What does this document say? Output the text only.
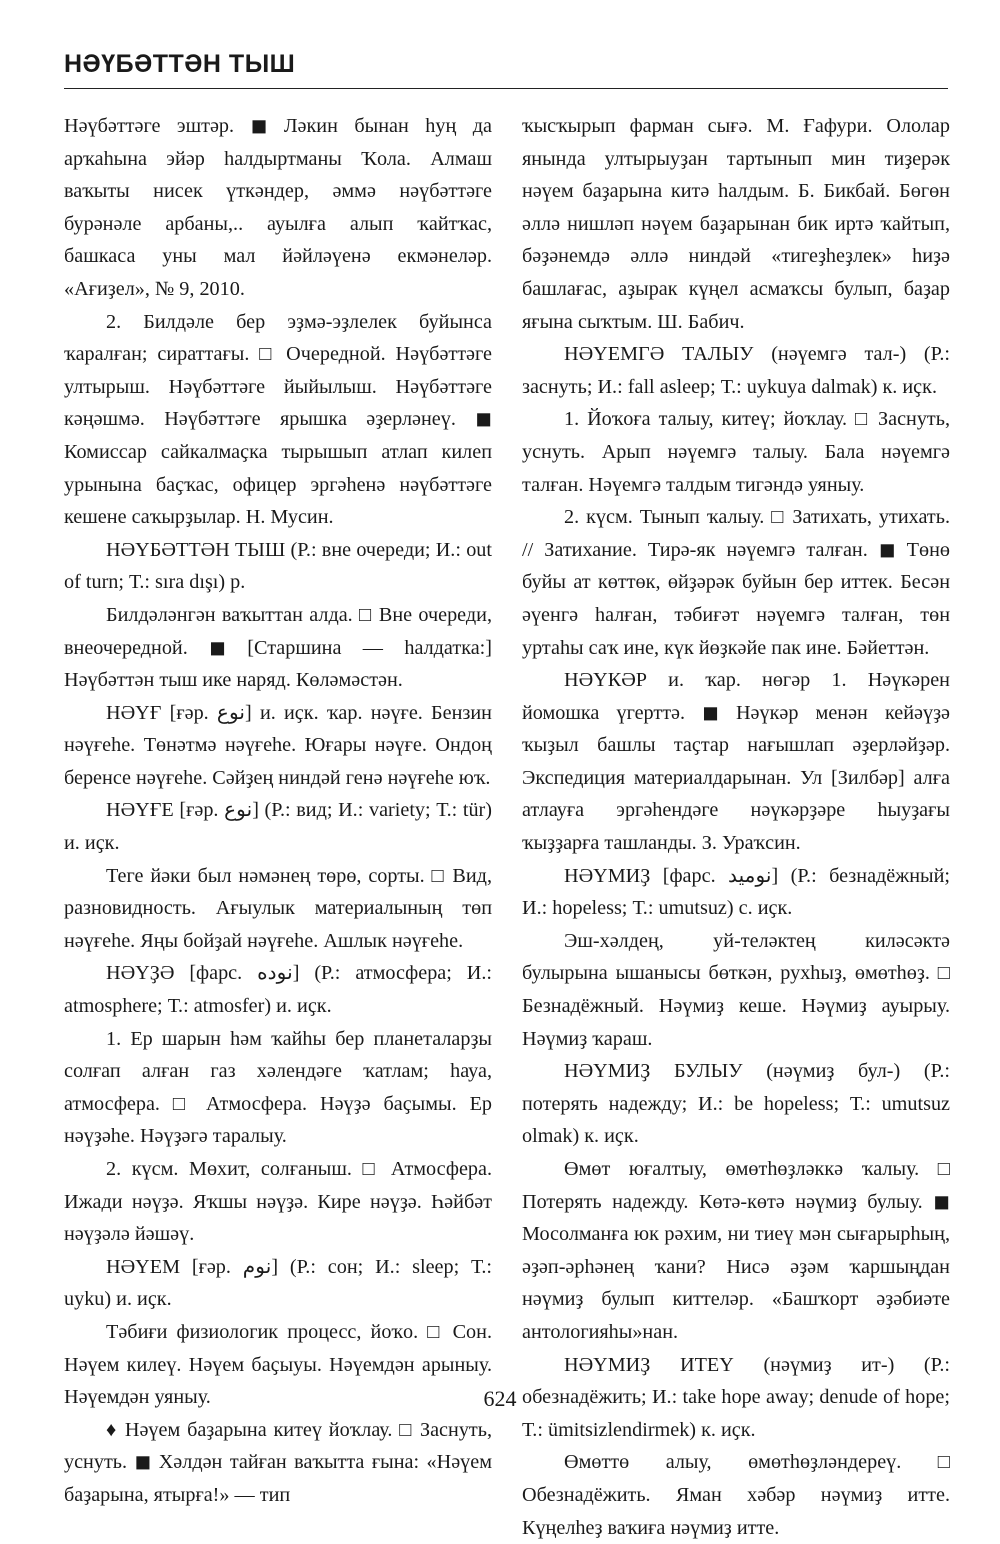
НӘҮБӘТТӘН ТЫШ

Нәүбәттәге эштәр. ◼ Ләкин бынан һуң да арҡаһына эйәр һалдыртманы Ҡола. Алмаш ваҡыты нисек үткәндер, әммә нәүбәттәге бурәнәле арбаны,.. ауылға алып ҡайтҡас, башкаса уны мал йәйләүенә екмәнеләр. «Ағиҙел», № 9, 2010.

2. Билдәле бер эҙмә-эҙлелек буйынса ҡаралған; сираттағы. □ Очередной. Нәүбәттәге ултырыш. Нәүбәттәге йыйылыш. Нәүбәттәге кәңәшмә. Нәүбәттәге ярышка әҙерләнеү. ◼ Комиссар сайкалмаҫка тырышып атлап килеп урынына баҫҡас, офицер эргәһенә нәүбәттәге кешене саҡырҙылар. Н. Мусин.

НӘҮБӘТТӘН ТЫШ (Р.: вне очереди; И.: out of turn; Т.: sıra dışı) р.

Билдәләнгән ваҡыттан алда. □ Вне очереди, внеочередной. ◼ [Старшина — һалдатка:] Нәүбәттән тыш ике наряд. Көләмәстән.

НӘҮҒ [ғәр. نوع] и. иҫк. ҡар. нәүғе. Бензин нәүғеһе. Төнәтмә нәүғеһе. Юғары нәүғе. Ондоң беренсе нәүғеһе. Сәйҙең ниндәй генә нәүғеһе юҡ.

НӘҮҒЕ [ғәр. نوع] (Р.: вид; И.: variety; Т.: tür) и. иҫк.

Теге йәки был нәмәнең төрө, сорты. □ Вид, разновидность. Ағыулык материалының төп нәүғеһе. Яңы бойҙай нәүғеһе. Ашлык нәүғеһе.

НӘҮҘӘ [фарс. نوده] (Р.: атмосфера; И.: atmosphere; Т.: atmosfer) и. иҫк.

1. Ер шарын һәм ҡайһы бер планеталарҙы солғап алған газ хәлендәге ҡатлам; һауа, атмосфера. □ Атмосфера. Нәүҙә баҫымы. Ер нәүҙәһе. Нәүҙәгә таралыу.

2. күсм. Мөхит, солғаныш. □ Атмосфера. Ижади нәүҙә. Яҡшы нәүҙә. Кире нәүҙә. Һәйбәт нәүҙәлә йәшәү.

НӘҮЕМ [ғәр. نوم] (Р.: сон; И.: sleep; Т.: uyku) и. иҫк.

Тәбиғи физиологик процесс, йоҡо. □ Сон. Нәүем килеү. Нәүем баҫыуы. Нәүемдән арыныу. Нәүемдән уяныу.

♦ Нәүем баҙарына китеү йоҡлау. □ Заснуть, уснуть. ◼ Хәлдән тайған ваҡытта ғына: «Нәүем баҙарына, ятырға!» — тип

ҡысҡырып фарман сығә. М. Ғафури. Ололар янында ултырыуҙан тартынып мин тиҙерәк нәүем баҙарына китә һалдым. Б. Бикбай. Бөгөн әллә нишләп нәүем баҙарынан бик иртә ҡайтып, бәҙәнемдә әллә ниндәй «тигеҙһеҙлек» һиҙә башлағас, аҙырак күңел асмаҡсы булып, баҙар яғына сыҡтым. Ш. Бабич.

НӘҮЕМГӘ ТАЛЫУ (нәүемгә тал-) (Р.: заснуть; И.: fall asleep; Т.: uykuya dalmak) к. иҫк.

1. Йоҡоға талыу, китеү; йоҡлау. □ Заснуть, уснуть. Арып нәүемгә талыу. Бала нәүемгә талған. Нәүемгә талдым тигәндә уяныу.

2. күсм. Тынып ҡалыу. □ Затихать, утихать. // Затихание. Тирә-як нәүемгә талған. ◼ Төнө буйы ат көттөк, өйҙәрәк буйын бер иттек. Бесән әүенгә һалған, тәбиғәт нәүемгә талған, төн уртаһы саҡ ине, күк йөҙкәйе пак ине. Бәйеттән.

НӘҮКӘР и. ҡар. нөгәр 1. Нәүкәрен йомошка үгерттә. ◼ Нәүкәр менән кейәүҙә ҡыҙыл башлы таҫтар нағышлап әҙерләйҙәр. Экспедиция материалдарынан. Ул [Зилбәр] алға атлауға эргәһендәге нәүкәрҙәре һыуҙағы ҡыҙҙарға ташланды. З. Ураҡсин.

НӘҮМИҘ [фарс. نومید] (Р.: безнадёжный; И.: hopeless; Т.: umutsuz) с. иҫк.

Эш-хәлдең, уй-теләктең киләсәктә булырына ышанысы бөткән, рухһыҙ, өмөтһөҙ. □ Безнадёжный. Нәүмиҙ кеше. Нәүмиҙ ауырыу. Нәүмиҙ ҡараш.

НӘҮМИҘ БУЛЫУ (нәүмиҙ бул-) (Р.: потерять надежду; И.: be hopeless; Т.: umutsuz olmak) к. иҫк.

Өмөт юғалтыу, өмөтһөҙләккә ҡалыу. □ Потерять надежду. Көтә-көтә нәүмиҙ булыу. ◼ Мосолманға юк рәхим, ни тиеү мән сығарырһың, әҙәп-әрһәнең ҡани? Нисә әҙәм ҡаршыңдан нәүмиҙ булып киттеләр. «Башҡорт әҙәбиәте антологияһы»нан.

НӘҮМИҘ ИТЕҮ (нәүмиҙ ит-) (Р.: обезнадёжить; И.: take hope away; denude of hope; Т.: ümitsizlendirmek) к. иҫк.

Өмөттө алыу, өмөтһөҙләндереү. □ Обезнадёжить. Яман хәбәр нәүмиҙ итте. Күңелһеҙ ваҡиға нәүмиҙ итте.

624
